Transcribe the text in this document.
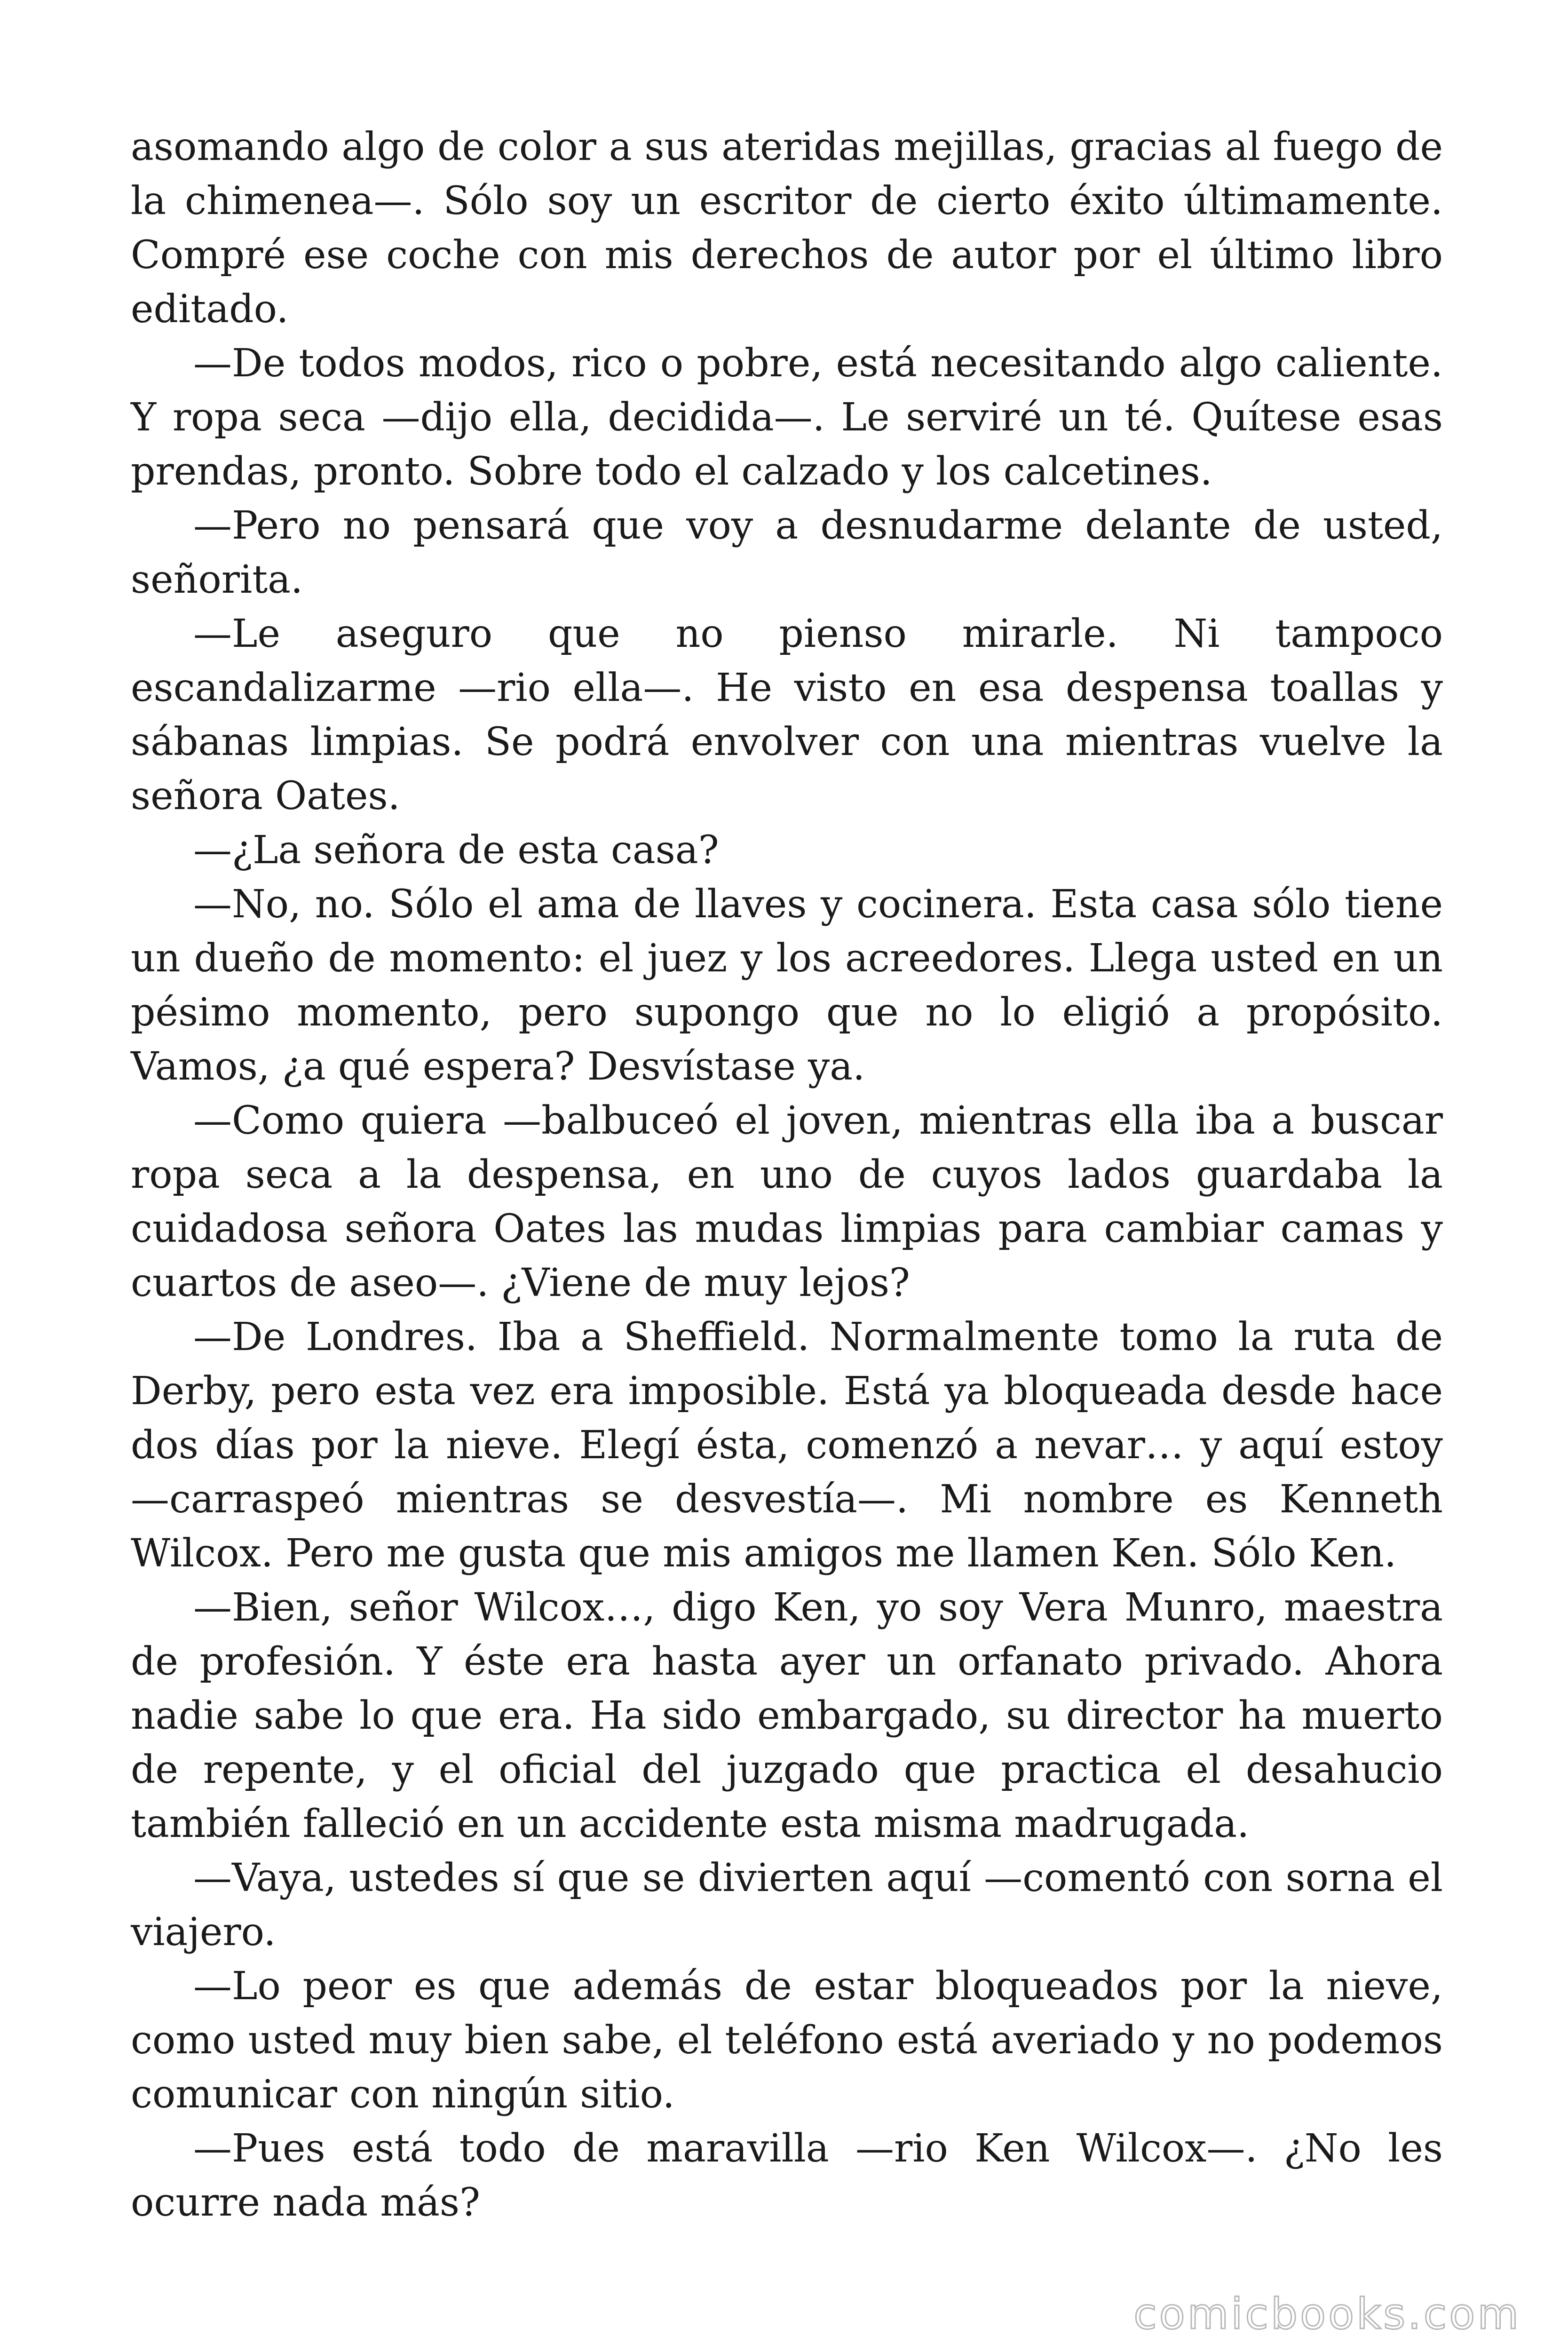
asomando algo de color a sus ateridas mejillas, gracias al fuego de la chimenea—. Sólo soy un escritor de cierto éxito últimamente. Compré ese coche con mis derechos de autor por el último libro editado.

—De todos modos, rico o pobre, está necesitando algo caliente. Y ropa seca —dijo ella, decidida—. Le serviré un té. Quítese esas prendas, pronto. Sobre todo el calzado y los calcetines.

—Pero no pensará que voy a desnudarme delante de usted, señorita.

—Le aseguro que no pienso mirarle. Ni tampoco escandalizarme —rio ella—. He visto en esa despensa toallas y sábanas limpias. Se podrá envolver con una mientras vuelve la señora Oates.

—¿La señora de esta casa?

—No, no. Sólo el ama de llaves y cocinera. Esta casa sólo tiene un dueño de momento: el juez y los acreedores. Llega usted en un pésimo momento, pero supongo que no lo eligió a propósito. Vamos, ¿a qué espera? Desvístase ya.

—Como quiera —balbuceó el joven, mientras ella iba a buscar ropa seca a la despensa, en uno de cuyos lados guardaba la cuidadosa señora Oates las mudas limpias para cambiar camas y cuartos de aseo—. ¿Viene de muy lejos?

—De Londres. Iba a Sheffield. Normalmente tomo la ruta de Derby, pero esta vez era imposible. Está ya bloqueada desde hace dos días por la nieve. Elegí ésta, comenzó a nevar… y aquí estoy —carraspeó mientras se desvestía—. Mi nombre es Kenneth Wilcox. Pero me gusta que mis amigos me llamen Ken. Sólo Ken.

—Bien, señor Wilcox…, digo Ken, yo soy Vera Munro, maestra de profesión. Y éste era hasta ayer un orfanato privado. Ahora nadie sabe lo que era. Ha sido embargado, su director ha muerto de repente, y el oficial del juzgado que practica el desahucio también falleció en un accidente esta misma madrugada.

—Vaya, ustedes sí que se divierten aquí —comentó con sorna el viajero.

—Lo peor es que además de estar bloqueados por la nieve, como usted muy bien sabe, el teléfono está averiado y no podemos comunicar con ningún sitio.

—Pues está todo de maravilla —rio Ken Wilcox—. ¿No les ocurre nada más?

comicbooks.com
